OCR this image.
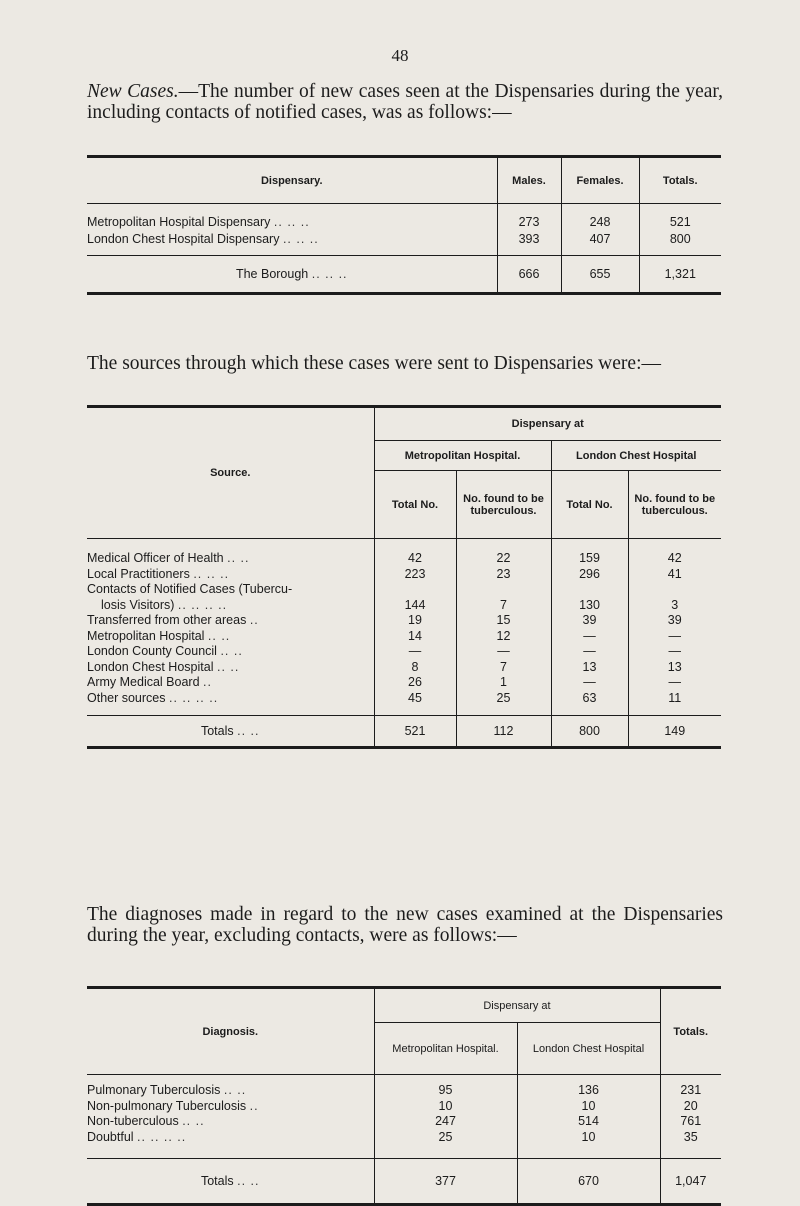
48

New Cases.—The number of new cases seen at the Dispensaries during the year, including contacts of notified cases, was as follows:—

Dispensary.	Males.	Females.	Totals.

Metropolitan Hospital Dispensary .. .. ..	273	248	521
London Chest Hospital Dispensary .. .. ..	393	407	800

The Borough .. .. ..	666	655	1,321

The sources through which these cases were sent to Dispensaries were:—

Source.	Dispensary at			
	Metropolitan Hospital.		London Chest Hospital	
	Total No.	No. found to be tuberculous.	Total No.	No. found to be tuberculous.

Medical Officer of Health .. ..	42	22	159	42
Local Practitioners .. .. ..	223	23	296	41
Contacts of Notified Cases (Tubercu-				
losis Visitors) .. .. .. ..	144	7	130	3
Transferred from other areas ..	19	15	39	39
Metropolitan Hospital .. ..	14	12	—	—
London County Council .. ..	—	—	—	—
London Chest Hospital .. ..	8	7	13	13
Army Medical Board ..	26	1	—	—
Other sources .. .. .. ..	45	25	63	11

Totals .. ..	521	112	800	149

The diagnoses made in regard to the new cases examined at the Dispensaries during the year, excluding contacts, were as follows:—

Diagnosis.	Dispensary at		Totals.
	Metropolitan Hospital.	London Chest Hospital	

Pulmonary Tuberculosis .. ..	95	136	231
Non-pulmonary Tuberculosis ..	10	10	20
Non-tuberculous .. ..	247	514	761
Doubtful .. .. .. ..	25	10	35

Totals .. ..	377	670	1,047
